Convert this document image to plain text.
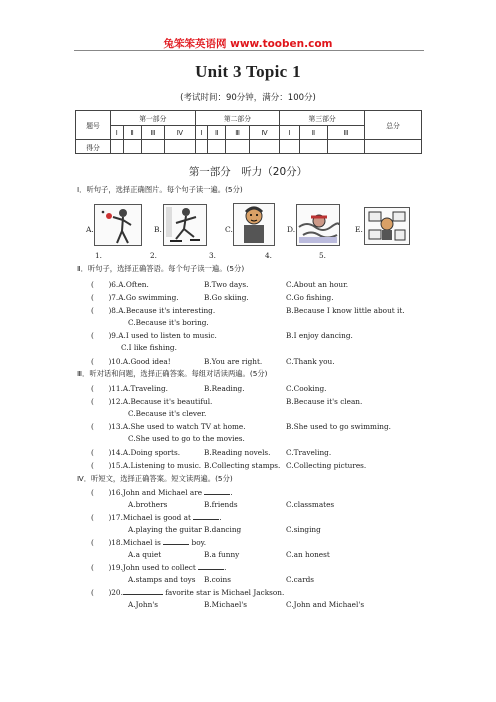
兔笨笨英语网 www.tooben.com
Unit 3 Topic 1
(考试时间：90分钟，满分：100分)
题号	第一部分				第二部分				第三部分			总分
	Ⅰ	Ⅱ	Ⅲ	Ⅳ	Ⅰ	Ⅱ	Ⅲ	Ⅳ	Ⅰ	Ⅱ	Ⅲ	
得分												
第一部分　听力（20分）
Ⅰ．听句子，选择正确图片。每个句子读一遍。(5分)
A.	B.	C.	D.	E.
1.	2.	3.	4.	5.
Ⅱ．听句子，选择正确答语。每个句子读一遍。(5分)
(　　)6.A.Often.	B.Two days.	C.About an hour.
(　　)7.A.Go swimming.	B.Go skiing.	C.Go fishing.
(　　)8.A.Because it's interesting.	B.Because I know little about it.
C.Because it's boring.
(　　)9.A.I used to listen to music.	B.I enjoy dancing.
C.I like fishing.
(　　)10.A.Good idea!	B.You are right.	C.Thank you.
Ⅲ．听对话和问题，选择正确答案。每组对话读两遍。(5分)
(　　)11.A.Traveling.	B.Reading.	C.Cooking.
(　　)12.A.Because it's beautiful.	B.Because it's clean.
C.Because it's clever.
(　　)13.A.She used to watch TV at home.	B.She used to go swimming.
C.She used to go to the movies.
(　　)14.A.Doing sports.	B.Reading novels. C.Traveling.
(　　)15.A.Listening to music. B.Collecting stamps. C.Collecting pictures.
Ⅳ．听短文，选择正确答案。短文读两遍。(5分)
(　　)16.John and Michael are	.
A.brothers	B.friends	C.classmates
(　　)17.Michael is good at	.
A.playing the guitar B.dancing	C.singing
(　　)18.Michael is	boy.
A.a quiet	B.a funny	C.an honest
(　　)19.John used to collect	.
A.stamps and toys B.coins	C.cards
(　　)20.	favorite star is Michael Jackson.
A.John's	B.Michael's	C.John and Michael's
